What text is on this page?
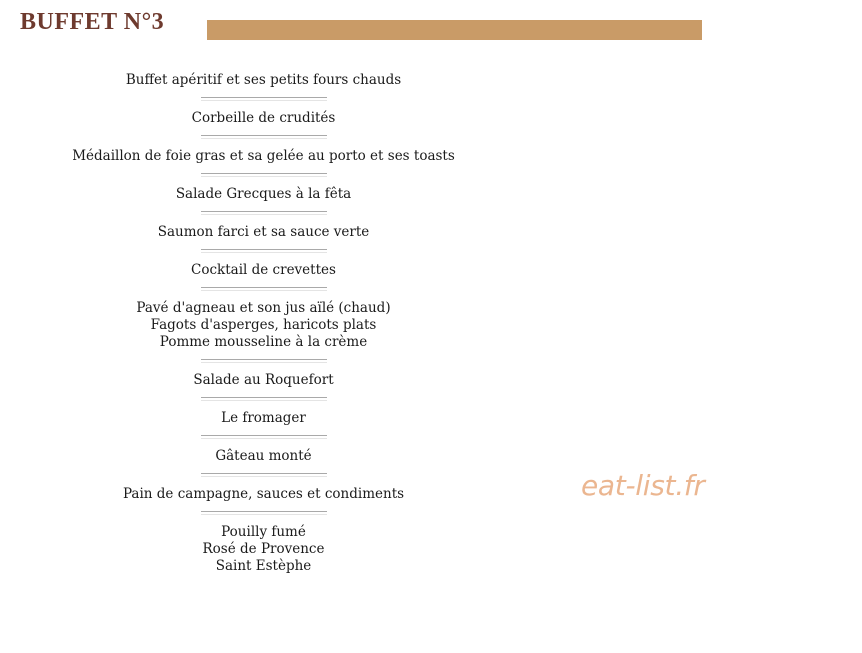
BUFFET N°3
Buffet apéritif et ses petits fours chauds
Corbeille de crudités
Médaillon de foie gras et sa gelée au porto et ses toasts
Salade Grecques à la fêta
Saumon farci et sa sauce verte
Cocktail de crevettes
Pavé d'agneau et son jus aïlé (chaud)
Fagots d'asperges, haricots plats
Pomme mousseline à la crème
Salade au Roquefort
Le fromager
Gâteau monté
Pain de campagne, sauces et condiments
Pouilly fumé
Rosé de Provence
Saint Estèphe
eat-list.fr
